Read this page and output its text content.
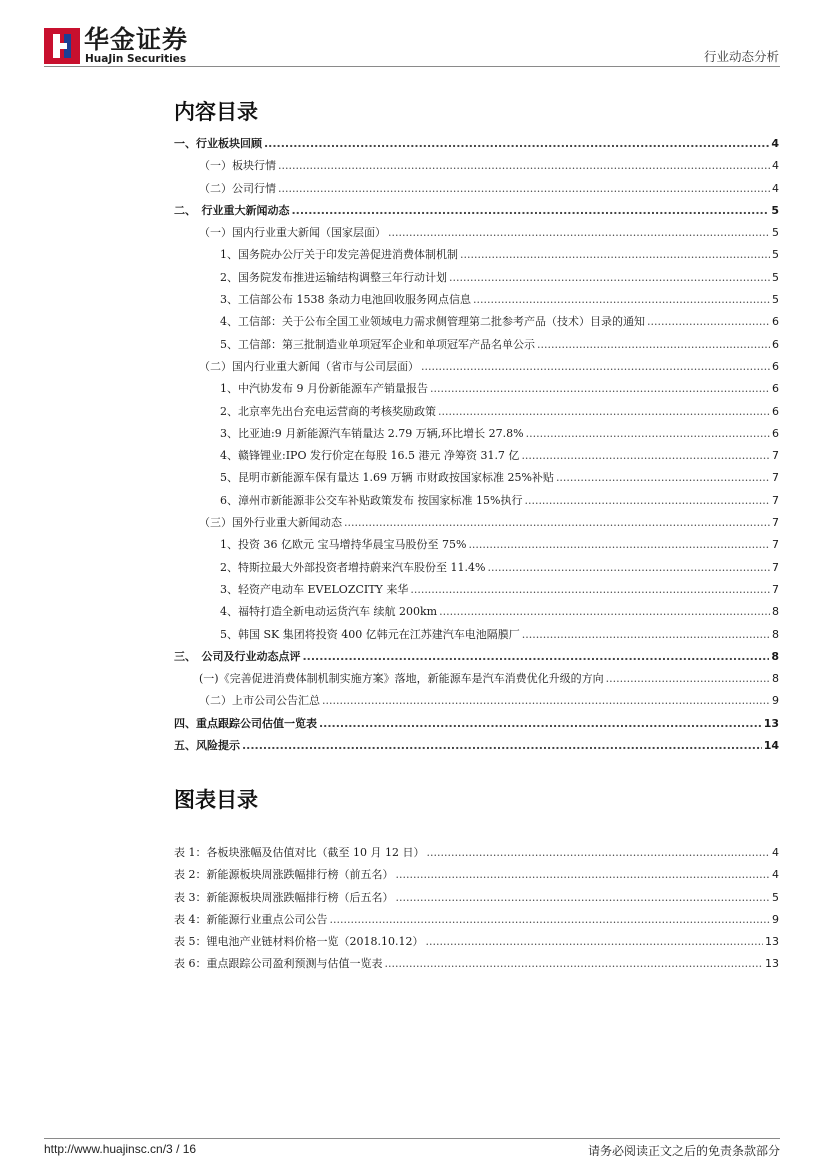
华金证券
HuaJin Securities	行业动态分析
内容目录
一、行业板块回顾 .....	4
（一）板块行情 .....	4
（二）公司行情 .....	4
二、　行业重大新闻动态 .....	5
（一）国内行业重大新闻（国家层面） .....	5
1、国务院办公厅关于印发完善促进消费体制机制 .....	5
2、国务院发布推进运输结构调整三年行动计划 .....	5
3、工信部公布 1538 条动力电池回收服务网点信息 .....	5
4、工信部：关于公布全国工业领域电力需求侧管理第二批参考产品（技术）目录的通知 .....	6
5、工信部：第三批制造业单项冠军企业和单项冠军产品名单公示 .....	6
（二）国内行业重大新闻（省市与公司层面） .....	6
1、中汽协发布 9 月份新能源车产销量报告 .....	6
2、北京率先出台充电运营商的考核奖励政策 .....	6
3、比亚迪:9 月新能源汽车销量达 2.79 万辆,环比增长 27.8% .....	6
4、赣锋锂业:IPO 发行价定在每股 16.5 港元 净筹资 31.7 亿 .....	7
5、昆明市新能源车保有量达 1.69 万辆 市财政按国家标准 25%补贴 .....	7
6、漳州市新能源非公交车补贴政策发布 按国家标准 15%执行 .....	7
（三）国外行业重大新闻动态 .....	7
1、投资 36 亿欧元 宝马增持华晨宝马股份至 75% .....	7
2、特斯拉最大外部投资者增持蔚来汽车股份至 11.4% .....	7
3、轻资产电动车 EVELOZCITY 来华 .....	7
4、福特打造全新电动运货汽车 续航 200km .....	8
5、韩国 SK 集团将投资 400 亿韩元在江苏建汽车电池隔膜厂 .....	8
三、　公司及行业动态点评 .....	8
(一)《完善促进消费体制机制实施方案》落地，新能源车是汽车消费优化升级的方向 .....	8
（二）上市公司公告汇总 .....	9
四、重点跟踪公司估值一览表 .....	13
五、风险提示 .....	14
图表目录
表 1：各板块涨幅及估值对比（截至 10 月 12 日） .....	4
表 2：新能源板块周涨跌幅排行榜（前五名） .....	4
表 3：新能源板块周涨跌幅排行榜（后五名） .....	5
表 4：新能源行业重点公司公告 .....	9
表 5：锂电池产业链材料价格一览（2018.10.12） .....	13
表 6：重点跟踪公司盈利预测与估值一览表 .....	13
http://www.huajinsc.cn/3 / 16	请务必阅读正文之后的免责条款部分
